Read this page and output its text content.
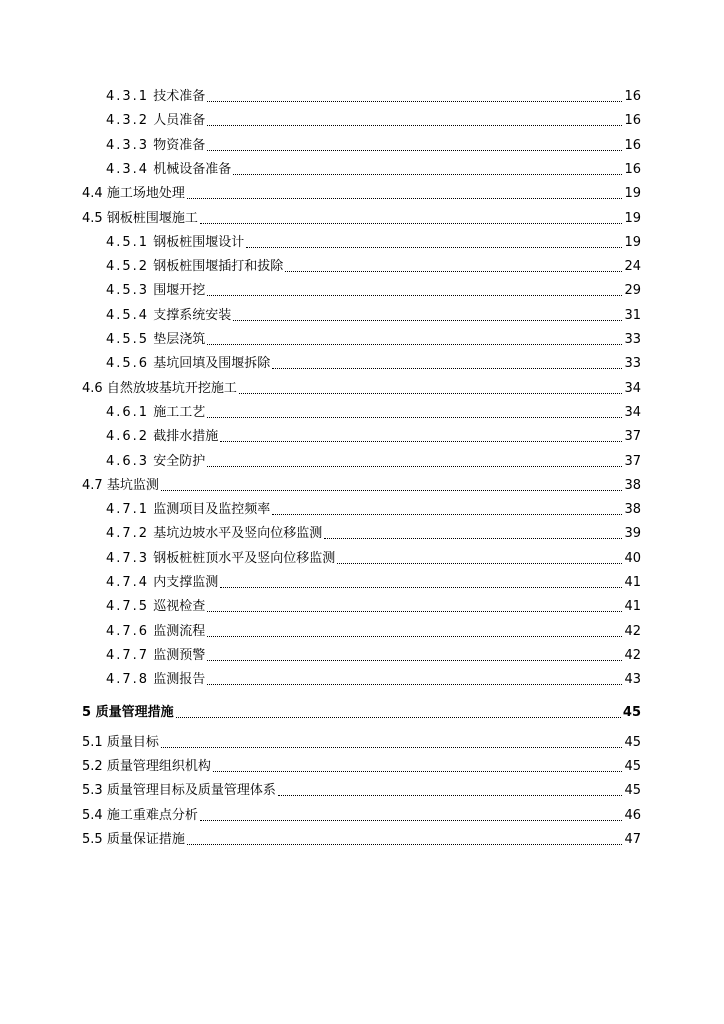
4.3.1 技术准备	16
4.3.2 人员准备	16
4.3.3 物资准备	16
4.3.4 机械设备准备	16
4.4 施工场地处理	19
4.5 钢板桩围堰施工	19
4.5.1 钢板桩围堰设计	19
4.5.2 钢板桩围堰插打和拔除	24
4.5.3 围堰开挖	29
4.5.4 支撑系统安装	31
4.5.5 垫层浇筑	33
4.5.6 基坑回填及围堰拆除	33
4.6 自然放坡基坑开挖施工	34
4.6.1 施工工艺	34
4.6.2 截排水措施	37
4.6.3 安全防护	37
4.7 基坑监测	38
4.7.1 监测项目及监控频率	38
4.7.2 基坑边坡水平及竖向位移监测	39
4.7.3 钢板桩桩顶水平及竖向位移监测	40
4.7.4 内支撑监测	41
4.7.5 巡视检查	41
4.7.6 监测流程	42
4.7.7 监测预警	42
4.7.8 监测报告	43
5 质量管理措施	45
5.1 质量目标	45
5.2 质量管理组织机构	45
5.3 质量管理目标及质量管理体系	45
5.4 施工重难点分析	46
5.5 质量保证措施	47
